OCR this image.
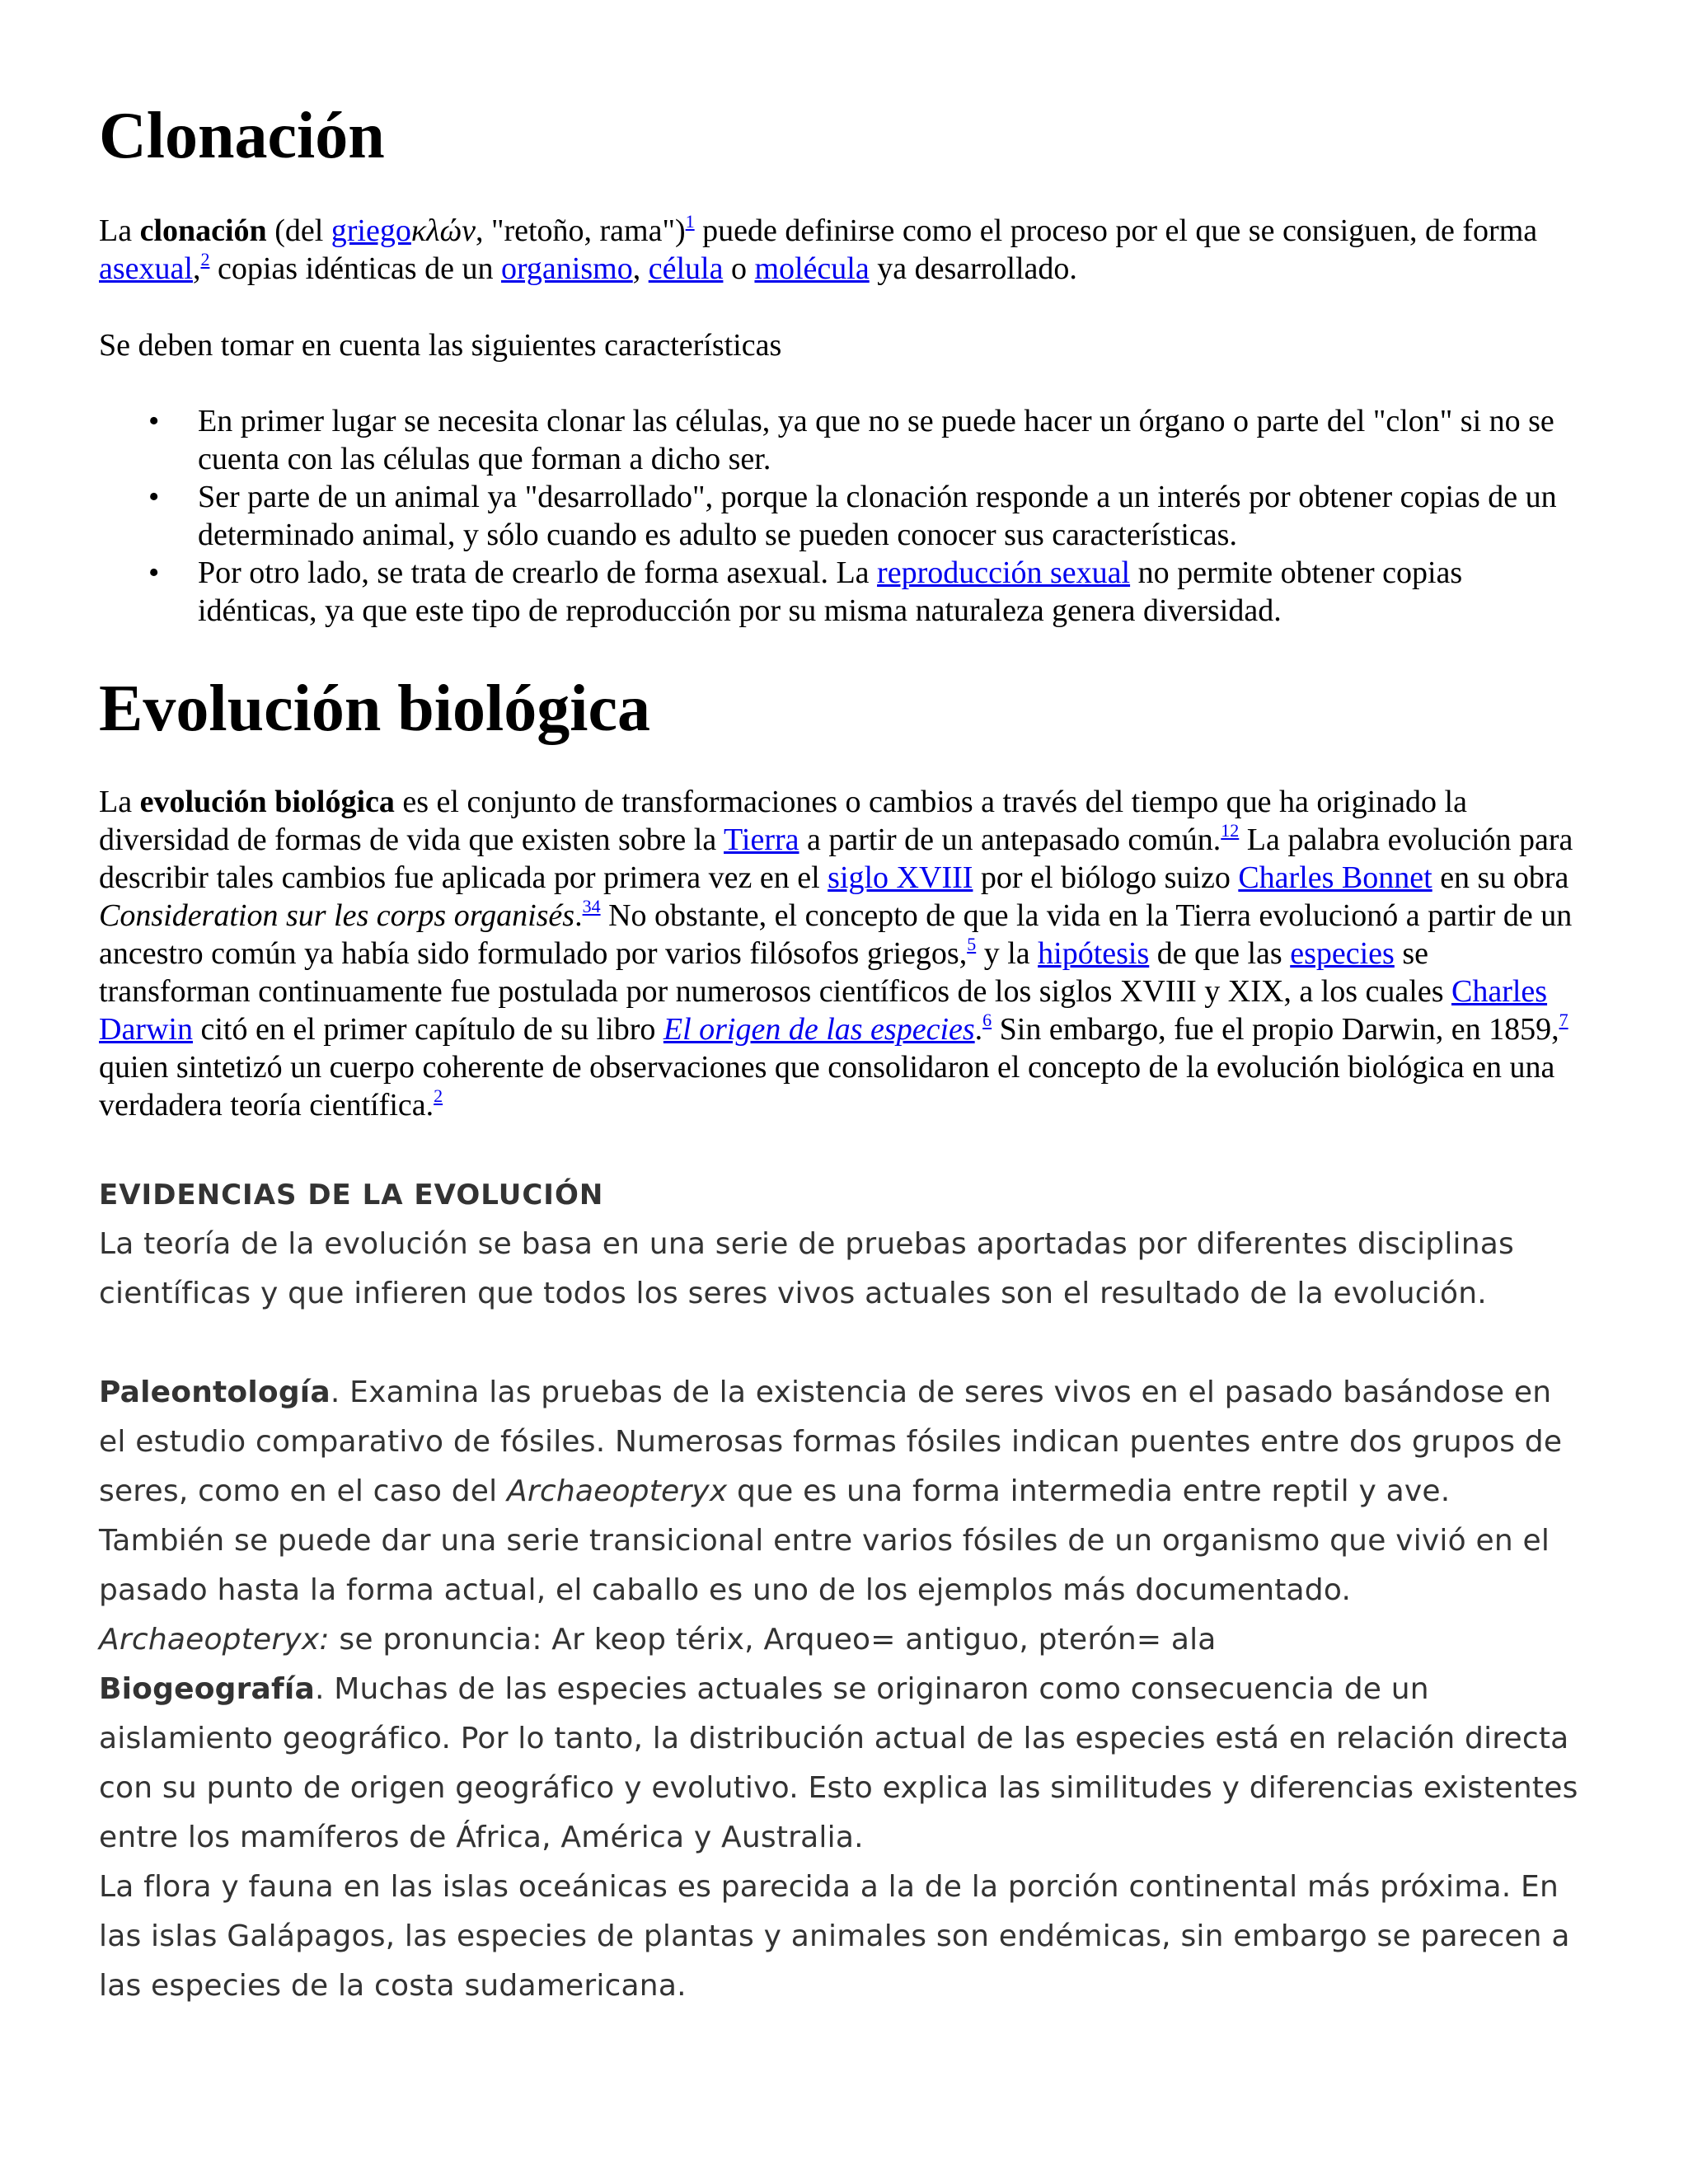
Clonación

La clonación (del griegoκλών, "retoño, rama")$^1$ puede definirse como el proceso por el que se consiguen, de forma asexual,$^2$ copias idénticas de un organismo, célula o molécula ya desarrollado.

Se deben tomar en cuenta las siguientes características

• En primer lugar se necesita clonar las células, ya que no se puede hacer un órgano o parte del "clon" si no se cuenta con las células que forman a dicho ser.
• Ser parte de un animal ya "desarrollado", porque la clonación responde a un interés por obtener copias de un determinado animal, y sólo cuando es adulto se pueden conocer sus características.
• Por otro lado, se trata de crearlo de forma asexual. La reproducción sexual no permite obtener copias idénticas, ya que este tipo de reproducción por su misma naturaleza genera diversidad.
Evolución biológica

La evolución biológica es el conjunto de transformaciones o cambios a través del tiempo que ha originado la diversidad de formas de vida que existen sobre la Tierra a partir de un antepasado común.$^{12}$ La palabra evolución para describir tales cambios fue aplicada por primera vez en el siglo XVIII por el biólogo suizo Charles Bonnet en su obra Consideration sur les corps organisés.$^{34}$ No obstante, el concepto de que la vida en la Tierra evolucionó a partir de un ancestro común ya había sido formulado por varios filósofos griegos,$^5$ y la hipótesis de que las especies se transforman continuamente fue postulada por numerosos científicos de los siglos XVIII y XIX, a los cuales Charles Darwin citó en el primer capítulo de su libro El origen de las especies.$^6$ Sin embargo, fue el propio Darwin, en 1859,$^7$ quien sintetizó un cuerpo coherente de observaciones que consolidaron el concepto de la evolución biológica en una verdadera teoría científica.$^2$

EVIDENCIAS DE LA EVOLUCIÓN

La teoría de la evolución se basa en una serie de pruebas aportadas por diferentes disciplinas científicas y que infieren que todos los seres vivos actuales son el resultado de la evolución.

Paleontología. Examina las pruebas de la existencia de seres vivos en el pasado basándose en el estudio comparativo de fósiles. Numerosas formas fósiles indican puentes entre dos grupos de seres, como en el caso del Archaeopteryx que es una forma intermedia entre reptil y ave. También se puede dar una serie transicional entre varios fósiles de un organismo que vivió en el pasado hasta la forma actual, el caballo es uno de los ejemplos más documentado.

Archaeopteryx: se pronuncia: Ar keop térix, Arqueo= antiguo, pterón= ala

Biogeografía. Muchas de las especies actuales se originaron como consecuencia de un aislamiento geográfico. Por lo tanto, la distribución actual de las especies está en relación directa con su punto de origen geográfico y evolutivo. Esto explica las similitudes y diferencias existentes entre los mamíferos de África, América y Australia.

La flora y fauna en las islas oceánicas es parecida a la de la porción continental más próxima. En las islas Galápagos, las especies de plantas y animales son endémicas, sin embargo se parecen a las especies de la costa sudamericana.
